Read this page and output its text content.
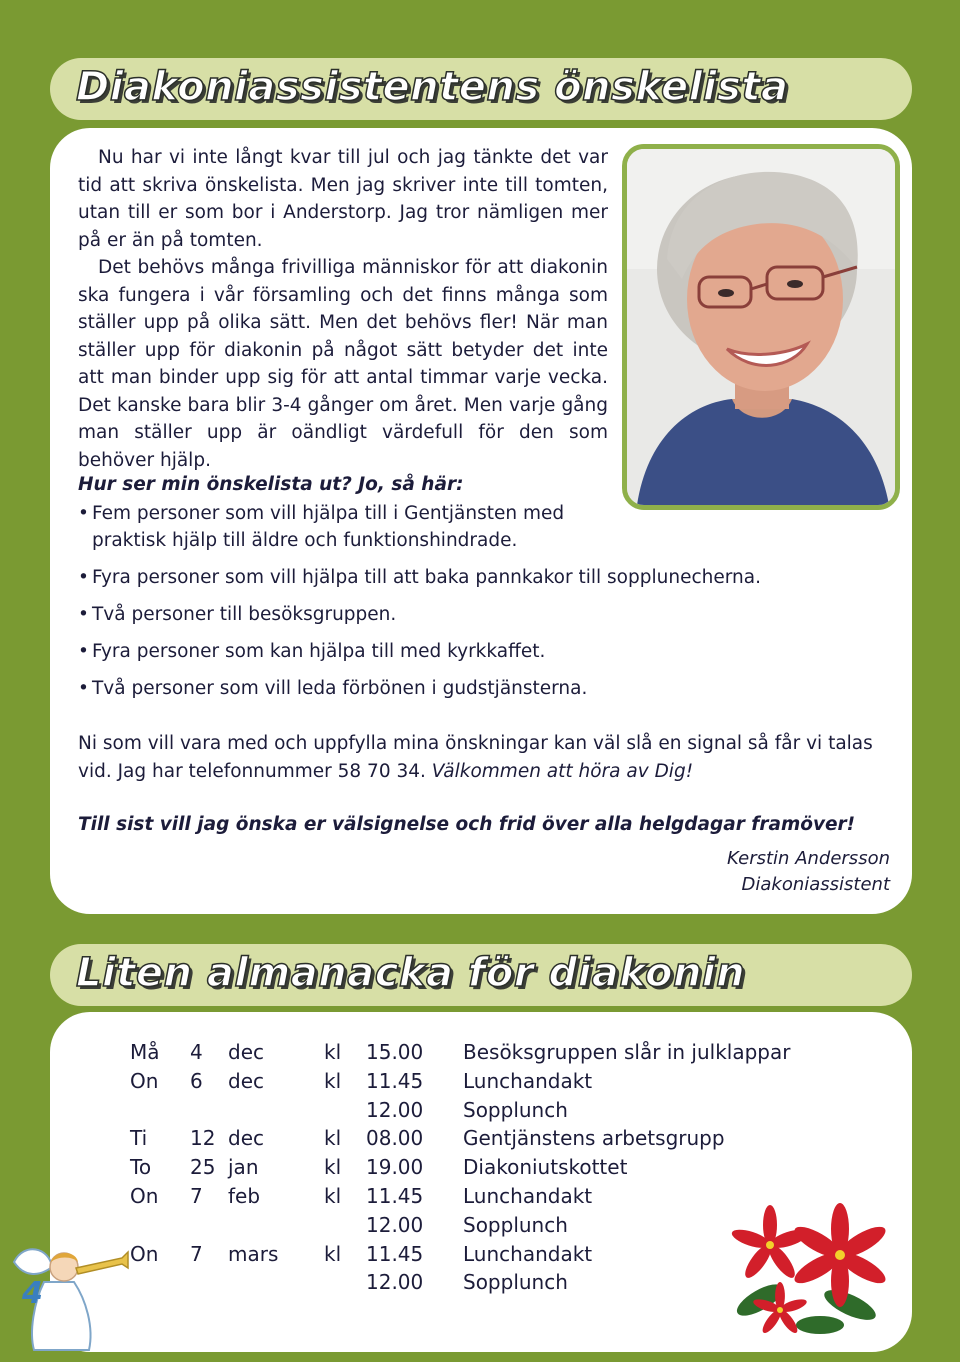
Diakoniassistentens önskelista

Nu har vi inte långt kvar till jul och jag tänkte det var tid att skriva önskelista. Men jag skriver inte till tomten, utan till er som bor i Anderstorp. Jag tror nämligen mer på er än på tomten.

Det behövs många frivilliga människor för att diakonin ska fungera i vår församling och det finns många som ställer upp på olika sätt. Men det behövs fler! När man ställer upp för diakonin på något sätt betyder det inte att man binder upp sig för att antal timmar varje vecka. Det kanske bara blir 3-4 gånger om året. Men varje gång man ställer upp är oändligt värdefull för den som behöver hjälp.

Hur ser min önskelista ut? Jo, så här:
• Fem personer som vill hjälpa till i Gentjänsten med
praktisk hjälp till äldre och funktionshindrade.
• Fyra personer som vill hjälpa till att baka pannkakor till sopplunecherna.
• Två personer till besöksgruppen.
• Fyra personer som kan hjälpa till med kyrkkaffet.
• Två personer som vill leda förbönen i gudstjänsterna.
Ni som vill vara med och uppfylla mina önskningar kan väl slå en signal så får vi talas vid. Jag har telefonnummer 58 70 34. Välkommen att höra av Dig!
Till sist vill jag önska er välsignelse och frid över alla helgdagar framöver!
Kerstin Andersson
Diakoniassistent
Liten almanacka för diakonin
Må	4	dec	kl	15.00	Besöksgruppen slår in julklappar
On	6	dec	kl	11.45	Lunchandakt
				12.00	Sopplunch
Ti	12	dec	kl	08.00	Gentjänstens arbetsgrupp
To	25	jan	kl	19.00	Diakoniutskottet
On	7	feb	kl	11.45	Lunchandakt
				12.00	Sopplunch
On	7	mars	kl	11.45	Lunchandakt
				12.00	Sopplunch
4
